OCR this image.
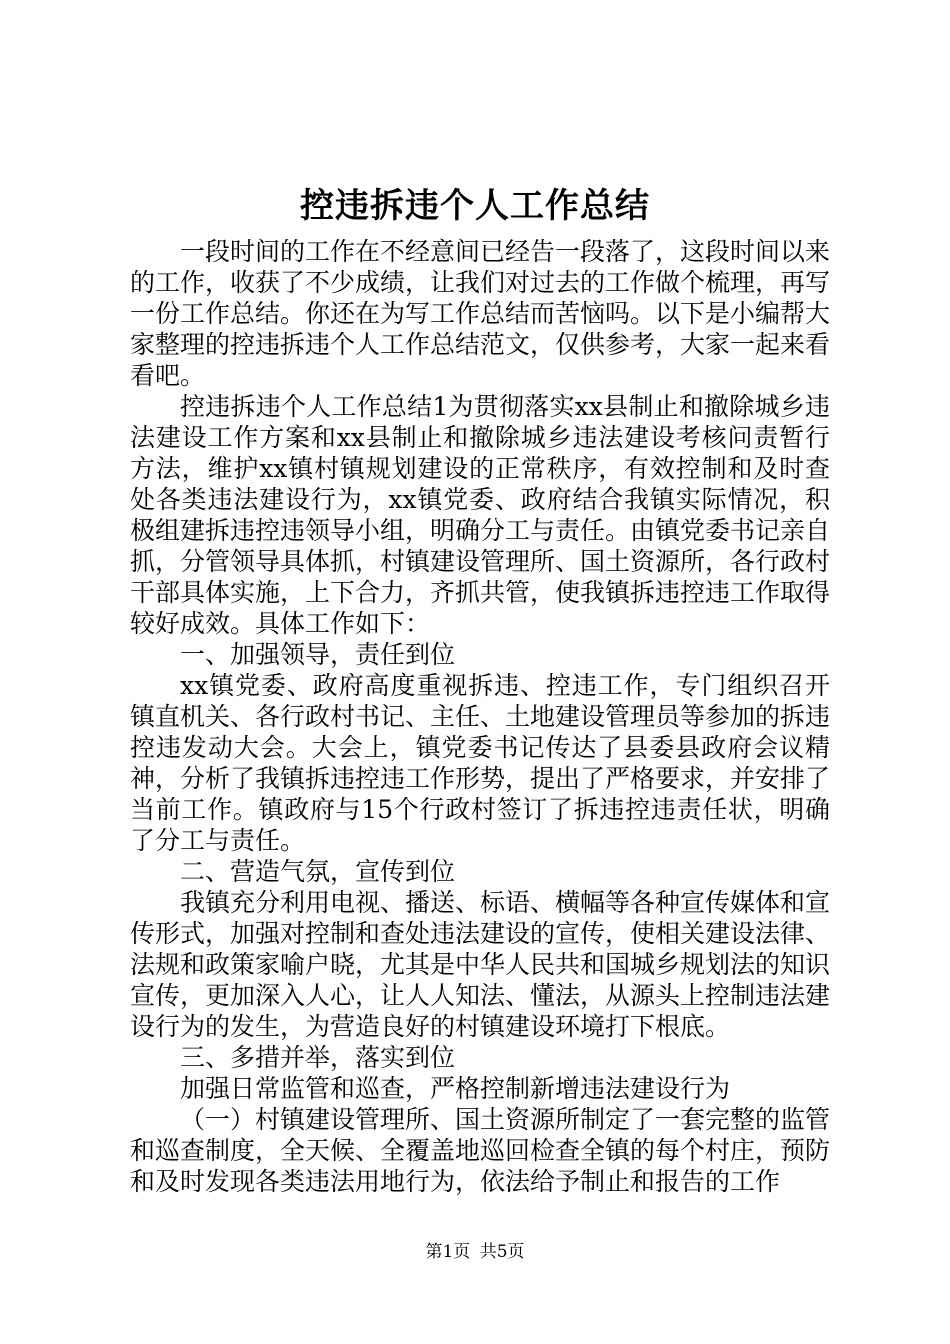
控违拆违个人工作总结

一段时间的工作在不经意间已经告一段落了，这段时间以来的工作，收获了不少成绩，让我们对过去的工作做个梳理，再写一份工作总结。你还在为写工作总结而苦恼吗。以下是小编帮大家整理的控违拆违个人工作总结范文，仅供参考，大家一起来看看吧。

控违拆违个人工作总结1为贯彻落实xx县制止和撤除城乡违法建设工作方案和xx县制止和撤除城乡违法建设考核问责暂行方法，维护xx镇村镇规划建设的正常秩序，有效控制和及时查处各类违法建设行为，xx镇党委、政府结合我镇实际情况，积极组建拆违控违领导小组，明确分工与责任。由镇党委书记亲自抓，分管领导具体抓，村镇建设管理所、国土资源所，各行政村干部具体实施，上下合力，齐抓共管，使我镇拆违控违工作取得较好成效。具体工作如下：

一、加强领导，责任到位

xx镇党委、政府高度重视拆违、控违工作，专门组织召开镇直机关、各行政村书记、主任、土地建设管理员等参加的拆违控违发动大会。大会上，镇党委书记传达了县委县政府会议精神，分析了我镇拆违控违工作形势，提出了严格要求，并安排了当前工作。镇政府与15个行政村签订了拆违控违责任状，明确了分工与责任。

二、营造气氛，宣传到位

我镇充分利用电视、播送、标语、横幅等各种宣传媒体和宣传形式，加强对控制和查处违法建设的宣传，使相关建设法律、法规和政策家喻户晓，尤其是中华人民共和国城乡规划法的知识宣传，更加深入人心，让人人知法、懂法，从源头上控制违法建设行为的发生，为营造良好的村镇建设环境打下根底。

三、多措并举，落实到位

加强日常监管和巡查，严格控制新增违法建设行为

（一）村镇建设管理所、国土资源所制定了一套完整的监管和巡查制度，全天候、全覆盖地巡回检查全镇的每个村庄，预防和及时发现各类违法用地行为，依法给予制止和报告的工作

第1页 共5页
